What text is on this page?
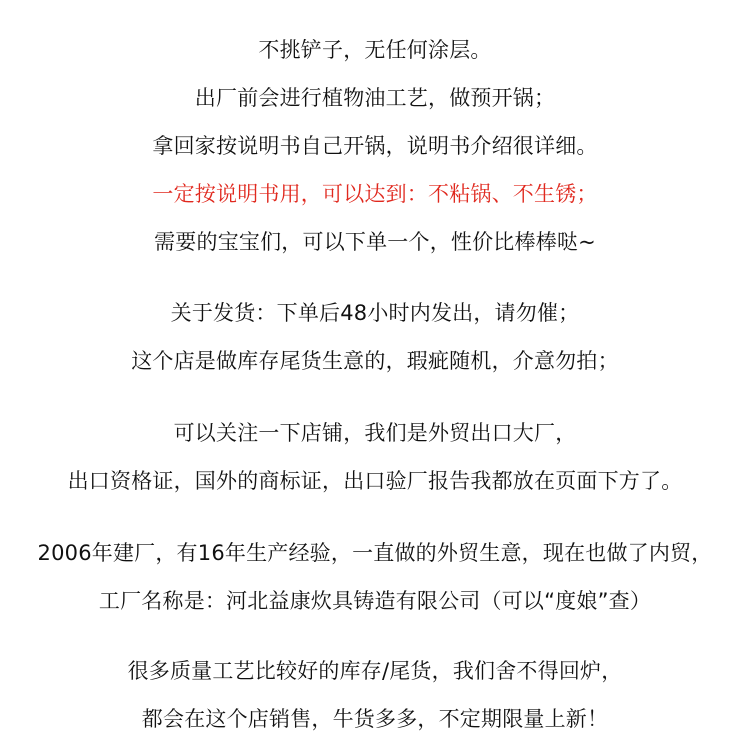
不挑铲子，无任何涂层。
出厂前会进行植物油工艺，做预开锅；
拿回家按说明书自己开锅，说明书介绍很详细。
一定按说明书用，可以达到：不粘锅、不生锈；
需要的宝宝们，可以下单一个，性价比棒棒哒~
关于发货：下单后48小时内发出，请勿催；
这个店是做库存尾货生意的，瑕疵随机，介意勿拍；
可以关注一下店铺，我们是外贸出口大厂，
出口资格证，国外的商标证，出口验厂报告我都放在页面下方了。
2006年建厂，有16年生产经验，一直做的外贸生意，现在也做了内贸，
工厂名称是：河北益康炊具铸造有限公司（可以“度娘”查）
很多质量工艺比较好的库存/尾货，我们舍不得回炉，
都会在这个店销售，牛货多多，不定期限量上新！
